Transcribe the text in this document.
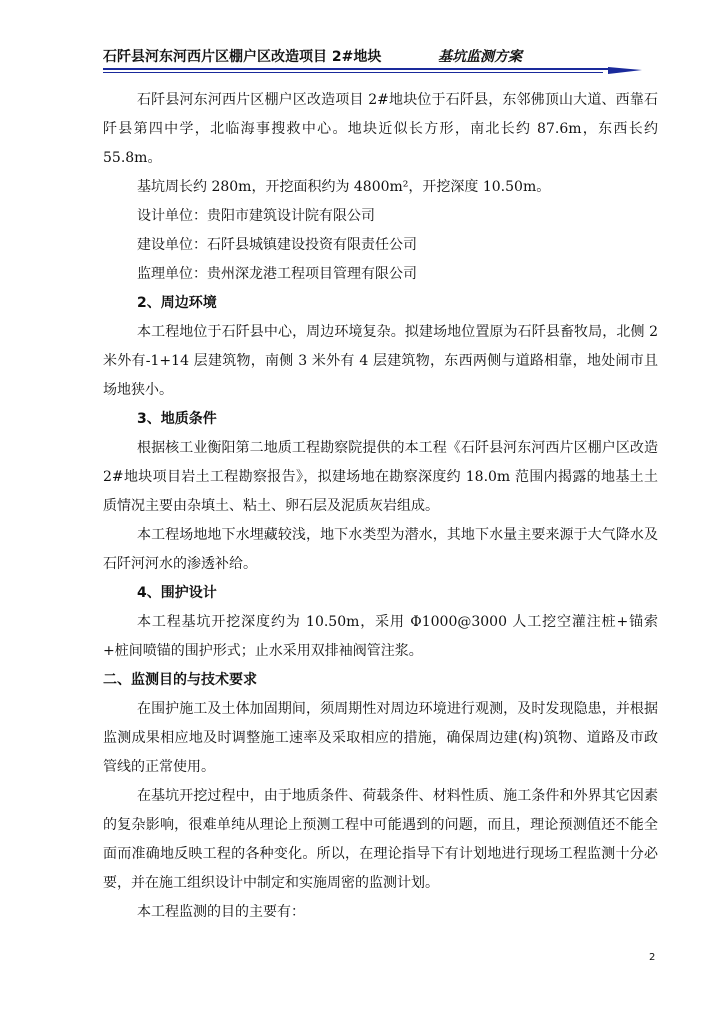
石阡县河东河西片区棚户区改造项目 2#地块	基坑监测方案

石阡县河东河西片区棚户区改造项目 2#地块位于石阡县，东邻佛顶山大道、西靠石阡县第四中学，北临海事搜救中心。地块近似长方形，南北长约 87.6m，东西长约 55.8m。

基坑周长约 280m，开挖面积约为 4800m²，开挖深度 10.50m。

设计单位：贵阳市建筑设计院有限公司

建设单位：石阡县城镇建设投资有限责任公司

监理单位：贵州深龙港工程项目管理有限公司

2、周边环境

本工程地位于石阡县中心，周边环境复杂。拟建场地位置原为石阡县畜牧局，北侧 2 米外有-1+14 层建筑物，南侧 3 米外有 4 层建筑物，东西两侧与道路相靠，地处闹市且场地狭小。

3、地质条件

根据核工业衡阳第二地质工程勘察院提供的本工程《石阡县河东河西片区棚户区改造 2#地块项目岩土工程勘察报告》，拟建场地在勘察深度约 18.0m 范围内揭露的地基土土质情况主要由杂填土、粘土、卵石层及泥质灰岩组成。

本工程场地地下水埋藏较浅，地下水类型为潜水，其地下水量主要来源于大气降水及石阡河河水的渗透补给。

4、围护设计

本工程基坑开挖深度约为 10.50m，采用 Φ1000@3000 人工挖空灌注桩+锚索+桩间喷锚的围护形式；止水采用双排袖阀管注浆。

二、监测目的与技术要求

在围护施工及土体加固期间，须周期性对周边环境进行观测，及时发现隐患，并根据监测成果相应地及时调整施工速率及采取相应的措施，确保周边建(构)筑物、道路及市政管线的正常使用。

在基坑开挖过程中，由于地质条件、荷载条件、材料性质、施工条件和外界其它因素的复杂影响，很难单纯从理论上预测工程中可能遇到的问题，而且，理论预测值还不能全面而准确地反映工程的各种变化。所以，在理论指导下有计划地进行现场工程监测十分必要，并在施工组织设计中制定和实施周密的监测计划。

本工程监测的目的主要有：

2
